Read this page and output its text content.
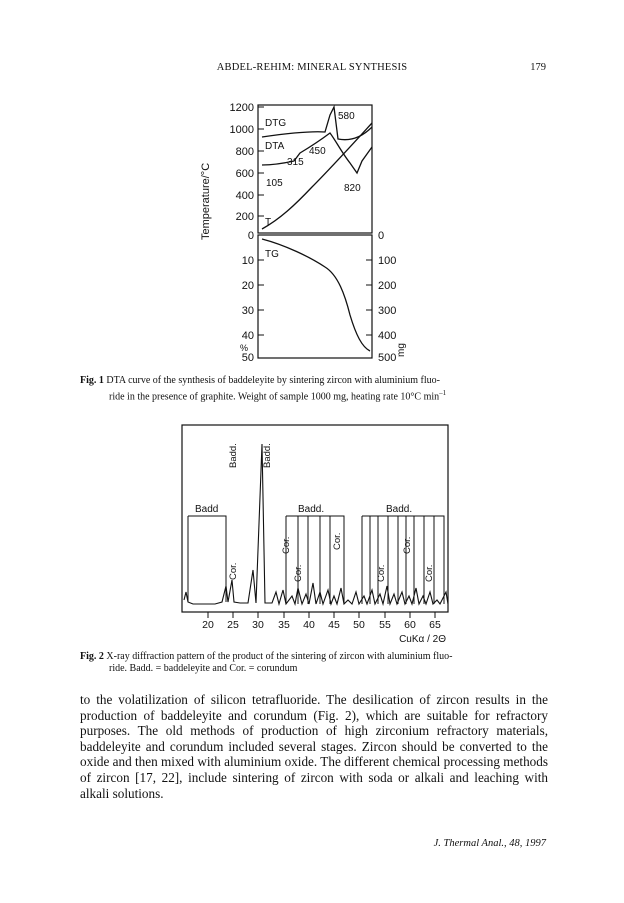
ABDEL-REHIM: MINERAL SYNTHESIS	179
Temperature/°C
1200
1000
800
600
400
200
0
10
20
30
40
%
50
0
100
200
300
400
500
mg
DTG
DTA
T
TG
580
450
315
105	820
Fig. 1 DTA curve of the synthesis of baddeleyite by sintering zircon with aluminium fluo-
ride in the presence of graphite. Weight of sample 1000 mg, heating rate 10°C $\min^{-1}$
Badd
Badd. Badd.
Badd.	Badd.
Cor.
Cor.
Cor.
Cor.
Cor.
Cor.
Cor.
20 25 30 35 40 45 50 55 60 65
CuKα / 2Θ
Fig. 2 X-ray diffraction pattern of the product of the sintering of zircon with aluminium fluo-
ride. Badd. = baddeleyite and Cor. = corundum
to the volatilization of silicon tetrafluoride. The desilication of zircon results in the production of baddeleyite and corundum (Fig. 2), which are suitable for refractory purposes. The old methods of production of high zirconium refractory materials, baddeleyite and corundum included several stages. Zircon should be converted to the oxide and then mixed with aluminium oxide. The different chemical processing methods of zircon [17, 22], include sintering of zircon with soda or alkali and leaching with alkali solutions.
J. Thermal Anal., 48, 1997
